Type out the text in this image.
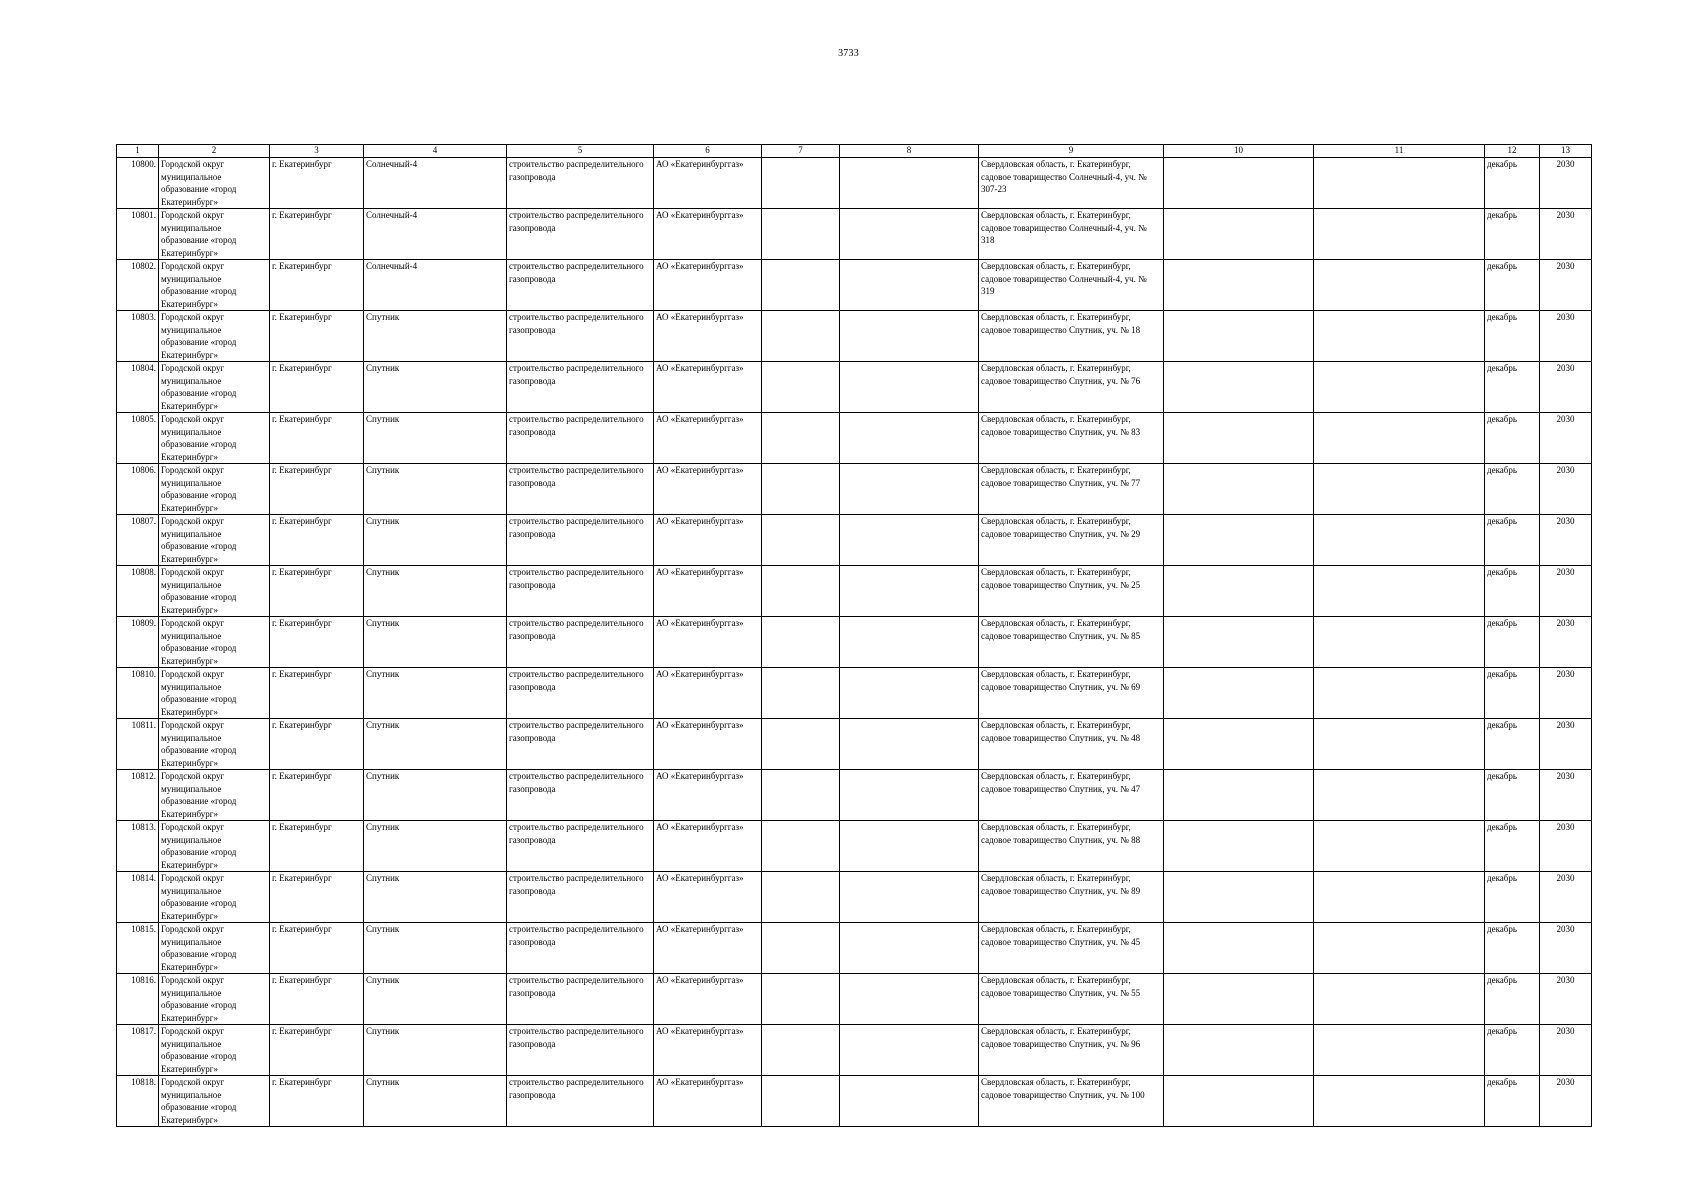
3733
1	2	3	4	5	6	7	8	9	10	11	12	13
10800.	Городской округ муниципальное образование «город Екатеринбург»	г. Екатеринбург	Солнечный-4	строительство распределительного газопровода	АО «Екатеринбурггаз»			Свердловская область, г. Екатеринбург, садовое товарищество Солнечный-4, уч. № 307-23			декабрь	2030
10801.	Городской округ муниципальное образование «город Екатеринбург»	г. Екатеринбург	Солнечный-4	строительство распределительного газопровода	АО «Екатеринбурггаз»			Свердловская область, г. Екатеринбург, садовое товарищество Солнечный-4, уч. № 318			декабрь	2030
10802.	Городской округ муниципальное образование «город Екатеринбург»	г. Екатеринбург	Солнечный-4	строительство распределительного газопровода	АО «Екатеринбурггаз»			Свердловская область, г. Екатеринбург, садовое товарищество Солнечный-4, уч. № 319			декабрь	2030
10803.	Городской округ муниципальное образование «город Екатеринбург»	г. Екатеринбург	Спутник	строительство распределительного газопровода	АО «Екатеринбурггаз»			Свердловская область, г. Екатеринбург, садовое товарищество Спутник, уч. № 18			декабрь	2030
10804.	Городской округ муниципальное образование «город Екатеринбург»	г. Екатеринбург	Спутник	строительство распределительного газопровода	АО «Екатеринбурггаз»			Свердловская область, г. Екатеринбург, садовое товарищество Спутник, уч. № 76			декабрь	2030
10805.	Городской округ муниципальное образование «город Екатеринбург»	г. Екатеринбург	Спутник	строительство распределительного газопровода	АО «Екатеринбурггаз»			Свердловская область, г. Екатеринбург, садовое товарищество Спутник, уч. № 83			декабрь	2030
10806.	Городской округ муниципальное образование «город Екатеринбург»	г. Екатеринбург	Спутник	строительство распределительного газопровода	АО «Екатеринбурггаз»			Свердловская область, г. Екатеринбург, садовое товарищество Спутник, уч. № 77			декабрь	2030
10807.	Городской округ муниципальное образование «город Екатеринбург»	г. Екатеринбург	Спутник	строительство распределительного газопровода	АО «Екатеринбурггаз»			Свердловская область, г. Екатеринбург, садовое товарищество Спутник, уч. № 29			декабрь	2030
10808.	Городской округ муниципальное образование «город Екатеринбург»	г. Екатеринбург	Спутник	строительство распределительного газопровода	АО «Екатеринбурггаз»			Свердловская область, г. Екатеринбург, садовое товарищество Спутник, уч. № 25			декабрь	2030
10809.	Городской округ муниципальное образование «город Екатеринбург»	г. Екатеринбург	Спутник	строительство распределительного газопровода	АО «Екатеринбурггаз»			Свердловская область, г. Екатеринбург, садовое товарищество Спутник, уч. № 85			декабрь	2030
10810.	Городской округ муниципальное образование «город Екатеринбург»	г. Екатеринбург	Спутник	строительство распределительного газопровода	АО «Екатеринбурггаз»			Свердловская область, г. Екатеринбург, садовое товарищество Спутник, уч. № 69			декабрь	2030
10811.	Городской округ муниципальное образование «город Екатеринбург»	г. Екатеринбург	Спутник	строительство распределительного газопровода	АО «Екатеринбурггаз»			Свердловская область, г. Екатеринбург, садовое товарищество Спутник, уч. № 48			декабрь	2030
10812.	Городской округ муниципальное образование «город Екатеринбург»	г. Екатеринбург	Спутник	строительство распределительного газопровода	АО «Екатеринбурггаз»			Свердловская область, г. Екатеринбург, садовое товарищество Спутник, уч. № 47			декабрь	2030
10813.	Городской округ муниципальное образование «город Екатеринбург»	г. Екатеринбург	Спутник	строительство распределительного газопровода	АО «Екатеринбурггаз»			Свердловская область, г. Екатеринбург, садовое товарищество Спутник, уч. № 88			декабрь	2030
10814.	Городской округ муниципальное образование «город Екатеринбург»	г. Екатеринбург	Спутник	строительство распределительного газопровода	АО «Екатеринбурггаз»			Свердловская область, г. Екатеринбург, садовое товарищество Спутник, уч. № 89			декабрь	2030
10815.	Городской округ муниципальное образование «город Екатеринбург»	г. Екатеринбург	Спутник	строительство распределительного газопровода	АО «Екатеринбурггаз»			Свердловская область, г. Екатеринбург, садовое товарищество Спутник, уч. № 45			декабрь	2030
10816.	Городской округ муниципальное образование «город Екатеринбург»	г. Екатеринбург	Спутник	строительство распределительного газопровода	АО «Екатеринбурггаз»			Свердловская область, г. Екатеринбург, садовое товарищество Спутник, уч. № 55			декабрь	2030
10817.	Городской округ муниципальное образование «город Екатеринбург»	г. Екатеринбург	Спутник	строительство распределительного газопровода	АО «Екатеринбурггаз»			Свердловская область, г. Екатеринбург, садовое товарищество Спутник, уч. № 96			декабрь	2030
10818.	Городской округ муниципальное образование «город Екатеринбург»	г. Екатеринбург	Спутник	строительство распределительного газопровода	АО «Екатеринбурггаз»			Свердловская область, г. Екатеринбург, садовое товарищество Спутник, уч. № 100			декабрь	2030
